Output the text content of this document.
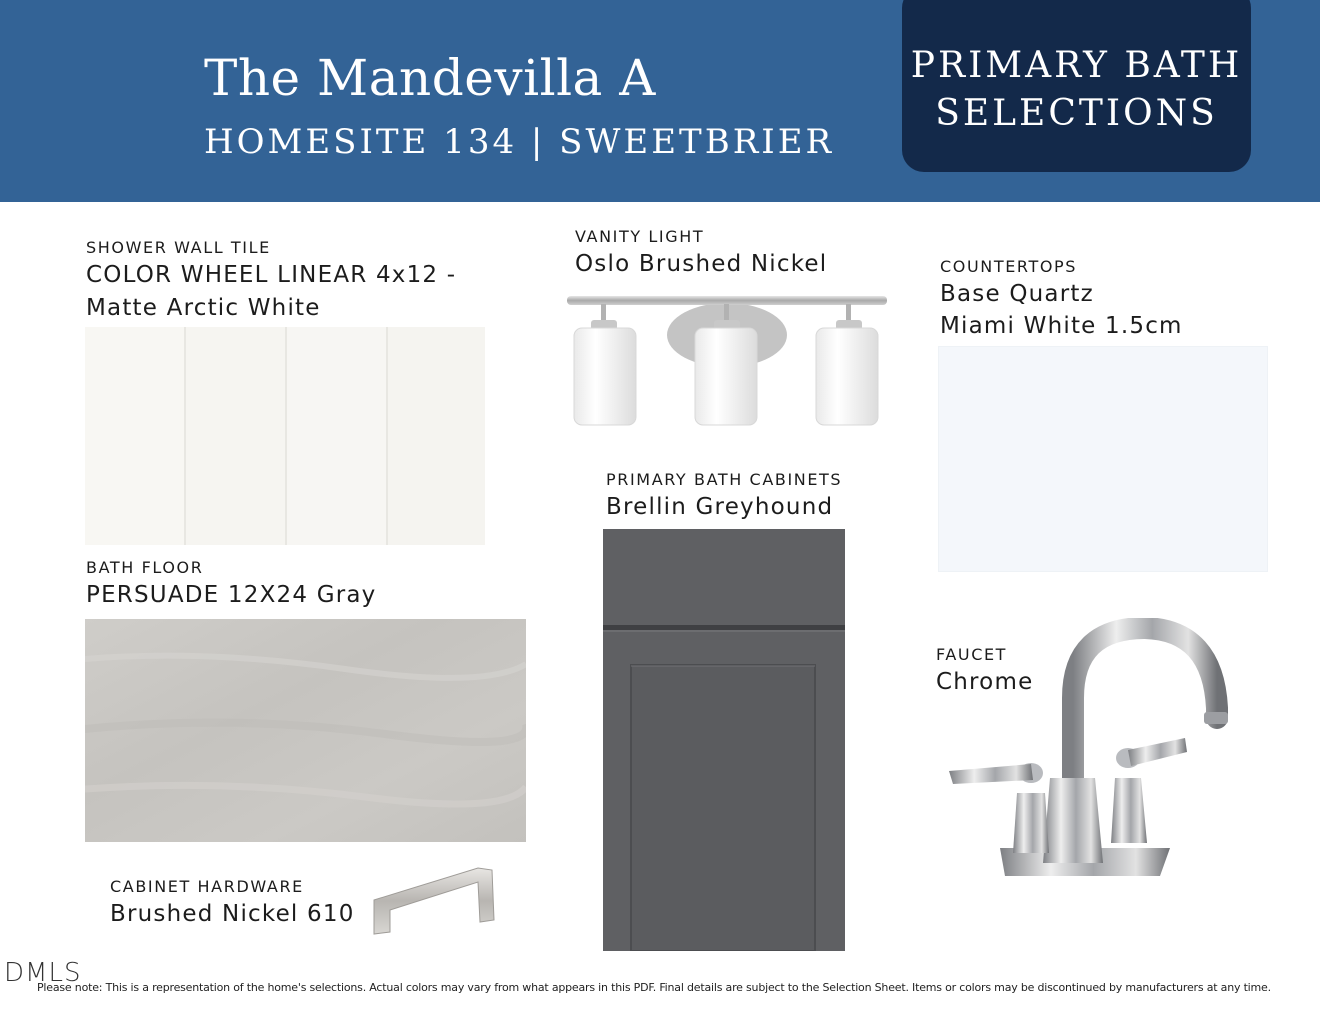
The Mandevilla A
HOMESITE 134 | SWEETBRIER
PRIMARY BATH
SELECTIONS
SHOWER WALL TILE
COLOR WHEEL LINEAR 4x12 -
Matte Arctic White
VANITY LIGHT
Oslo Brushed Nickel	COUNTERTOPS
Base Quartz
Miami White 1.5cm
PRIMARY BATH CABINETS
Brellin Greyhound
BATH FLOOR
PERSUADE 12X24 Gray
FAUCET
Chrome
CABINET HARDWARE
Brushed Nickel 610
DMLS
Please note: This is a representation of the home's selections. Actual colors may vary from what appears in this PDF. Final details are subject to the Selection Sheet. Items or colors may be discontinued by manufacturers at any time.
